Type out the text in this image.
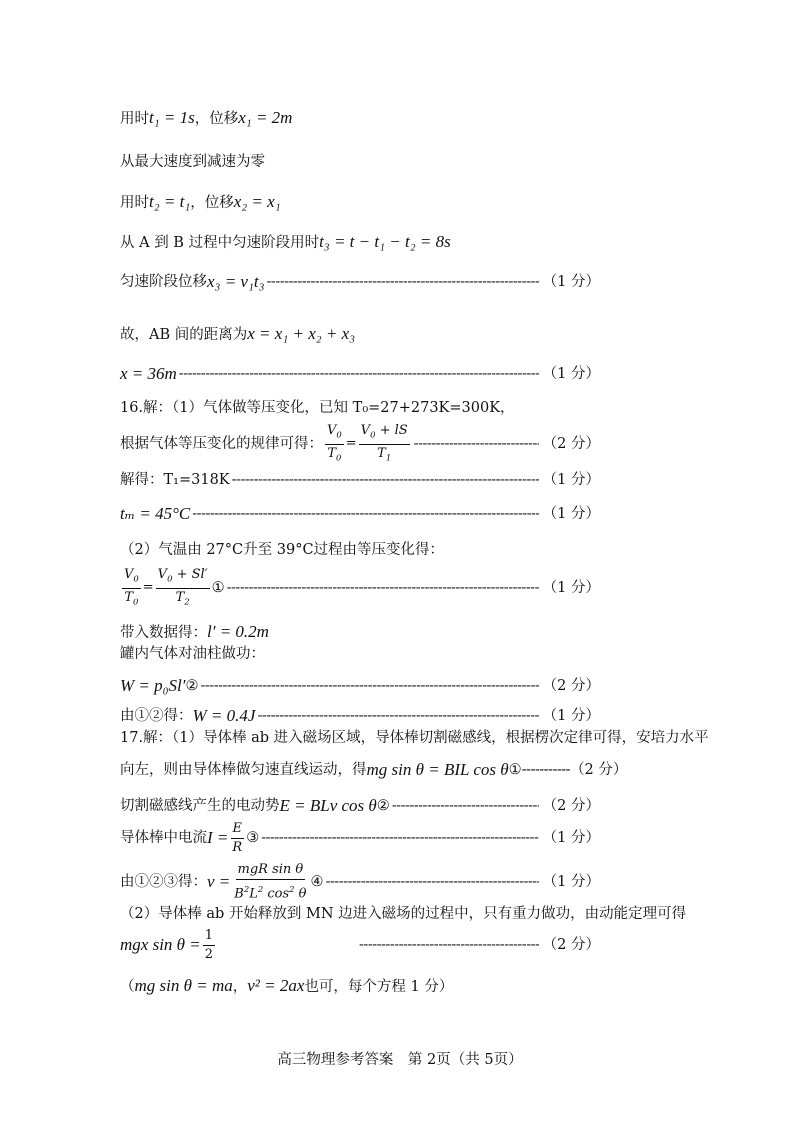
用时t₁ = 1s，位移x₁ = 2m
从最大速度到减速为零
用时t₂ = t₁，位移x₂ = x₁
从 A 到 B 过程中匀速阶段用时t₃ = t − t₁ − t₂ = 8s
匀速阶段位移 x₃ = v₁t₃ -----	（1 分）
故，AB 间的距离为x = x₁ + x₂ + x₃
x = 36m -----	（1 分）
16.解：（1）气体做等压变化，已知 T₀=27+273K=300K，
根据气体等压变化的规律可得： $\frac{V_0}{T_0} = \frac{V_0 + lS}{T_1}$ -----	（2 分）
解得：T₁=318K -----	（1 分）
tₘ = 45°C -----	（1 分）
（2）气温由 27°C升至 39°C过程由等压变化得：
$\frac{V_0}{T_0} = \frac{V_0 + Sl'}{T_2}$ ① -----	（1 分）
带入数据得：l′ = 0.2m
罐内气体对油柱做功：
W = p₀Sl′ ② -----	（2 分）
由①②得： W = 0.4J -----	（1 分）
17.解：（1）导体棒 ab 进入磁场区域，导体棒切割磁感线，根据楞次定律可得，安培力水平
向左，则由导体棒做匀速直线运动，得 mg sin θ = BIL cos θ ① ----------- （2 分）
切割磁感线产生的电动势 E = BLv cos θ ② -----	（2 分）
导体棒中电流 $I = \frac{E}{R}$ ③ -----	（1 分）
由①②③得： $v = \frac{\text{mgR sin θ}}{B^2L^2 \cos^2 \theta}$ ④ -----	（1 分）
（2）导体棒 ab 开始释放到 MN 边进入磁场的过程中，只有重力做功，由动能定理可得
mgx $\sin \theta = \frac{1}{2}$ -----	（2 分）
（mg sin θ = ma，v² = 2ax也可，每个方程 1 分）
高三物理参考答案　第 2页（共 5页）
